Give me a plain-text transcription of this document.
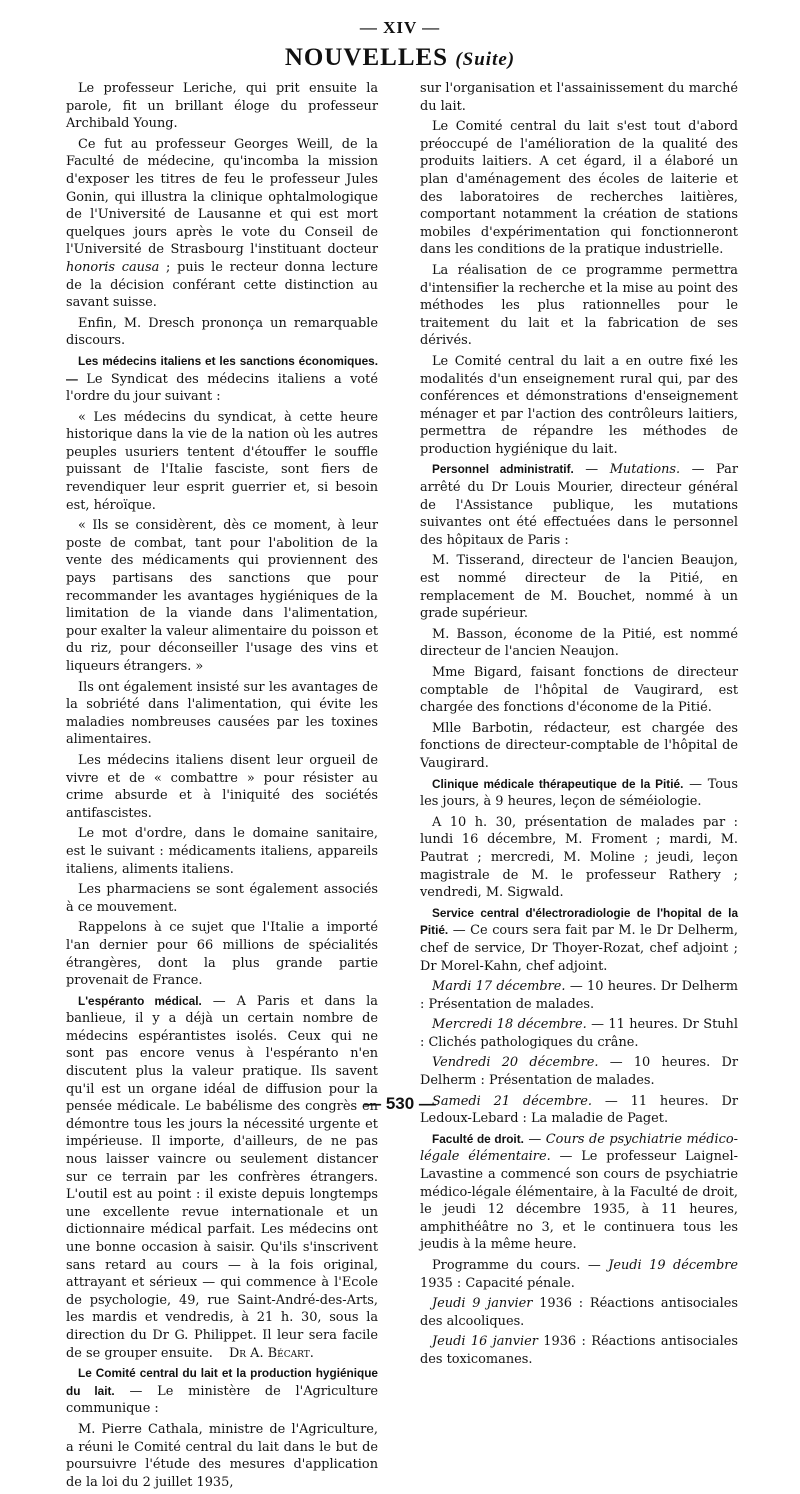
— XIV —
NOUVELLES (Suite)

Le professeur Leriche, qui prit ensuite la parole, fit un brillant éloge du professeur Archibald Young.

Ce fut au professeur Georges Weill, de la Faculté de médecine, qu'incomba la mission d'exposer les titres de feu le professeur Jules Gonin, qui illustra la clinique ophtalmologique de l'Université de Lausanne et qui est mort quelques jours après le vote du Conseil de l'Université de Strasbourg l'instituant docteur honoris causa ; puis le recteur donna lecture de la décision conférant cette distinction au savant suisse.

Enfin, M. Dresch prononça un remarquable discours.

Les médecins italiens et les sanctions économiques. — Le Syndicat des médecins italiens a voté l'ordre du jour suivant :

« Les médecins du syndicat, à cette heure historique dans la vie de la nation où les autres peuples usuriers tentent d'étouffer le souffle puissant de l'Italie fasciste, sont fiers de revendiquer leur esprit guerrier et, si besoin est, héroïque.

« Ils se considèrent, dès ce moment, à leur poste de combat, tant pour l'abolition de la vente des médicaments qui proviennent des pays partisans des sanctions que pour recommander les avantages hygiéniques de la limitation de la viande dans l'alimentation, pour exalter la valeur alimentaire du poisson et du riz, pour déconseiller l'usage des vins et liqueurs étrangers. »

Ils ont également insisté sur les avantages de la sobriété dans l'alimentation, qui évite les maladies nombreuses causées par les toxines alimentaires.

Les médecins italiens disent leur orgueil de vivre et de « combattre » pour résister au crime absurde et à l'iniquité des sociétés antifascistes.

Le mot d'ordre, dans le domaine sanitaire, est le suivant : médicaments italiens, appareils italiens, aliments italiens.

Les pharmaciens se sont également associés à ce mouvement.

Rappelons à ce sujet que l'Italie a importé l'an dernier pour 66 millions de spécialités étrangères, dont la plus grande partie provenait de France.

L'espéranto médical. — A Paris et dans la banlieue, il y a déjà un certain nombre de médecins espérantistes isolés. Ceux qui ne sont pas encore venus à l'espéranto n'en discutent plus la valeur pratique. Ils savent qu'il est un organe idéal de diffusion pour la pensée médicale. Le babélisme des congrès en démontre tous les jours la nécessité urgente et impérieuse. Il importe, d'ailleurs, de ne pas nous laisser vaincre ou seulement distancer sur ce terrain par les confrères étrangers. L'outil est au point : il existe depuis longtemps une excellente revue internationale et un dictionnaire médical parfait. Les médecins ont une bonne occasion à saisir. Qu'ils s'inscrivent sans retard au cours — à la fois original, attrayant et sérieux — qui commence à l'Ecole de psychologie, 49, rue Saint-André-des-Arts, les mardis et vendredis, à 21 h. 30, sous la direction du Dr G. Philippet. Il leur sera facile de se grouper ensuite. Dr A. Bécart.

Le Comité central du lait et la production hygiénique du lait. — Le ministère de l'Agriculture communique :

M. Pierre Cathala, ministre de l'Agriculture, a réuni le Comité central du lait dans le but de poursuivre l'étude des mesures d'application de la loi du 2 juillet 1935,

sur l'organisation et l'assainissement du marché du lait.

Le Comité central du lait s'est tout d'abord préoccupé de l'amélioration de la qualité des produits laitiers. A cet égard, il a élaboré un plan d'aménagement des écoles de laiterie et des laboratoires de recherches laitières, comportant notamment la création de stations mobiles d'expérimentation qui fonctionneront dans les conditions de la pratique industrielle.

La réalisation de ce programme permettra d'intensifier la recherche et la mise au point des méthodes les plus rationnelles pour le traitement du lait et la fabrication de ses dérivés.

Le Comité central du lait a en outre fixé les modalités d'un enseignement rural qui, par des conférences et démonstrations d'enseignement ménager et par l'action des contrôleurs laitiers, permettra de répandre les méthodes de production hygiénique du lait.

Personnel administratif. — Mutations. — Par arrêté du Dr Louis Mourier, directeur général de l'Assistance publique, les mutations suivantes ont été effectuées dans le personnel des hôpitaux de Paris :

M. Tisserand, directeur de l'ancien Beaujon, est nommé directeur de la Pitié, en remplacement de M. Bouchet, nommé à un grade supérieur.

M. Basson, économe de la Pitié, est nommé directeur de l'ancien Neaujon.

Mme Bigard, faisant fonctions de directeur comptable de l'hôpital de Vaugirard, est chargée des fonctions d'économe de la Pitié.

Mlle Barbotin, rédacteur, est chargée des fonctions de directeur-comptable de l'hôpital de Vaugirard.

Clinique médicale thérapeutique de la Pitié. — Tous les jours, à 9 heures, leçon de séméiologie.

A 10 h. 30, présentation de malades par : lundi 16 décembre, M. Froment ; mardi, M. Pautrat ; mercredi, M. Moline ; jeudi, leçon magistrale de M. le professeur Rathery ; vendredi, M. Sigwald.

Service central d'électroradiologie de l'hopital de la Pitié. — Ce cours sera fait par M. le Dr Delherm, chef de service, Dr Thoyer-Rozat, chef adjoint ; Dr Morel-Kahn, chef adjoint.

Mardi 17 décembre. — 10 heures. Dr Delherm : Présentation de malades.

Mercredi 18 décembre. — 11 heures. Dr Stuhl : Clichés pathologiques du crâne.

Vendredi 20 décembre. — 10 heures. Dr Delherm : Présentation de malades.

Samedi 21 décembre. — 11 heures. Dr Ledoux-Lebard : La maladie de Paget.

Faculté de droit. — Cours de psychiatrie médico-légale élémentaire. — Le professeur Laignel-Lavastine a commencé son cours de psychiatrie médico-légale élémentaire, à la Faculté de droit, le jeudi 12 décembre 1935, à 11 heures, amphithéâtre no 3, et le continuera tous les jeudis à la même heure.

Programme du cours. — Jeudi 19 décembre 1935 : Capacité pénale.

Jeudi 9 janvier 1936 : Réactions antisociales des alcooliques.

Jeudi 16 janvier 1936 : Réactions antisociales des toxicomanes.

— 530 —
